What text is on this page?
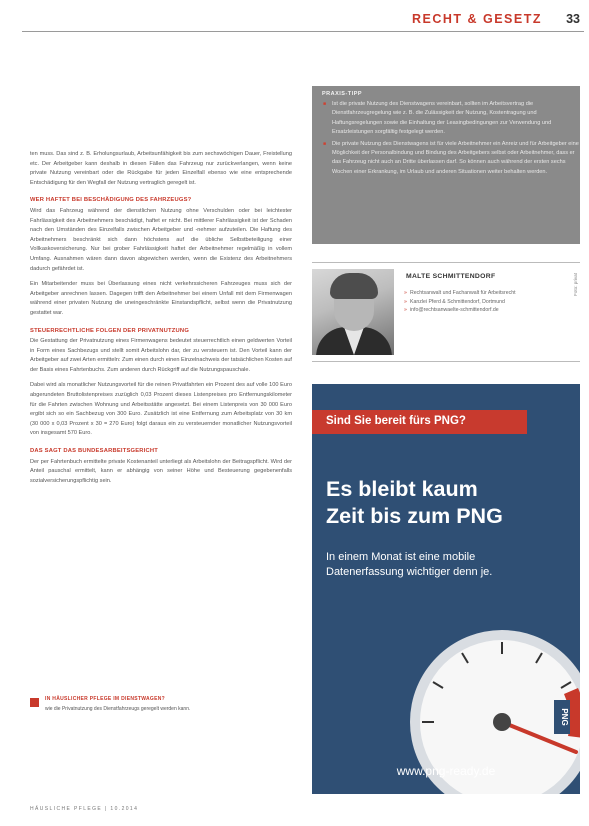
RECHT & GESETZ 33

ten muss. Das sind z. B. Erholungsurlaub, Arbeitsunfähigkeit bis zum sechswöchigen Dauer, Freistellung etc. Der Arbeitgeber kann deshalb in diesen Fällen das Fahrzeug nur zurückverlangen, wenn keine private Nutzung vereinbart oder die Rückgabe für jeden Einzelfall ebenso wie eine entsprechende Entschädigung für den Wegfall der Nutzung vertraglich geregelt ist.

WER HAFTET BEI BESCHÄDIGUNG DES FAHRZEUGS?

Wird das Fahrzeug während der dienstlichen Nutzung ohne Verschulden oder bei leichtester Fahrlässigkeit des Arbeitnehmers beschädigt, haftet er nicht. Bei mittlerer Fahrlässigkeit ist der Schaden nach den Umständen des Einzelfalls zwischen Arbeitgeber und -nehmer aufzuteilen. Die Haftung des Arbeitnehmers beschränkt sich dann höchstens auf die übliche Selbstbeteiligung einer Vollkaskoversicherung. Nur bei grober Fahrlässigkeit haftet der Arbeitnehmer regelmäßig in vollem Umfang. Ausnahmen wären dann davon abgewichen werden, wenn die Existenz des Arbeitnehmers dadurch gefährdet ist.

Ein Mitarbeitender muss bei Überlassung eines nicht verkehrssicheren Fahrzeuges muss sich der Arbeitgeber anrechnen lassen. Dagegen trifft den Arbeitnehmer bei einem Unfall mit dem Firmenwagen während einer privaten Nutzung die uneingeschränkte Einstandspflicht, selbst wenn die Privatnutzung gestattet war.

STEUERRECHTLICHE FOLGEN DER PRIVATNUTZUNG

Die Gestattung der Privatnutzung eines Firmenwagens bedeutet steuerrechtlich einen geldwerten Vorteil in Form eines Sachbezugs und stellt somit Arbeitslohn dar, der zu versteuern ist. Den Vorteil kann der Arbeitgeber auf zwei Arten ermitteln: Zum einen durch einen Einzelnachweis der tatsächlichen Kosten auf der Basis eines Fahrtenbuchs. Zum anderen durch Rückgriff auf die Nutzungspauschale.

Dabei wird als monatlicher Nutzungsvorteil für die reinen Privatfahrten ein Prozent des auf volle 100 Euro abgerundeten Bruttolistenpreises zuzüglich 0,03 Prozent dieses Listenpreises pro Entfernungskilometer für die Fahrten zwischen Wohnung und Arbeitsstätte angesetzt. Bei einem Listenpreis von 30 000 Euro ergibt sich so ein Sachbezug von 300 Euro. Zusätzlich ist eine Entfernung zum Arbeitsplatz von 30 km (30 000 x 0,03 Prozent x 30 = 270 Euro) folgt daraus ein zu versteuernder monatlicher Nutzungsvorteil von insgesamt 570 Euro.

DAS SAGT DAS BUNDESARBEITSGERICHT

Der per Fahrtenbuch ermittelte private Kostenanteil unterliegt als Arbeitslohn der Beitragspflicht. Wird der Anteil pauschal ermittelt, kann er abhängig von seiner Höhe und Besteuerung gegebenenfalls sozialversicherungspflichtig sein.

IN HÄUSLICHER PFLEGE IM DIENSTWAGEN?
wie die Privatnutzung des Dienstfahrzeugs geregelt werden kann.
PRAXIS-TIPP
■ Ist die private Nutzung des Dienstwagens vereinbart, sollten im Arbeitsvertrag die Dienstfahrzeugregelung wie z. B. die Zulässigkeit der Nutzung, Kostentragung und Haftungsregelungen sowie die Einhaltung der Leasingbedingungen zur Verwendung und Ersatzleistungen sorgfältig festgelegt werden.
■ Die private Nutzung des Dienstwagens ist für viele Arbeitnehmer ein Anreiz und für Arbeitgeber eine Möglichkeit der Personalbindung und Bindung des Arbeitgebers selbst oder Arbeitnehmer, dass er das Fahrzeug nicht auch an Dritte überlassen darf. So können auch während der ersten sechs Wochen einer Erkrankung, im Urlaub und anderen Situationen weiter behalten werden.
MALTE SCHMITTENDORF
» Rechtsanwalt und Fachanwalt für Arbeitsrecht
» Kanzlei Pferd & Schmittendorf, Dortmund
» info@rechtsanwaelte-schmittendorf.de
Foto: privat
Sind Sie bereit fürs PNG?
Es bleibt kaum
Zeit bis zum PNG
In einem Monat ist eine mobile Datenerfassung wichtiger denn je.
PNG
www.png-ready.de
HÄUSLICHE PFLEGE | 10.2014
